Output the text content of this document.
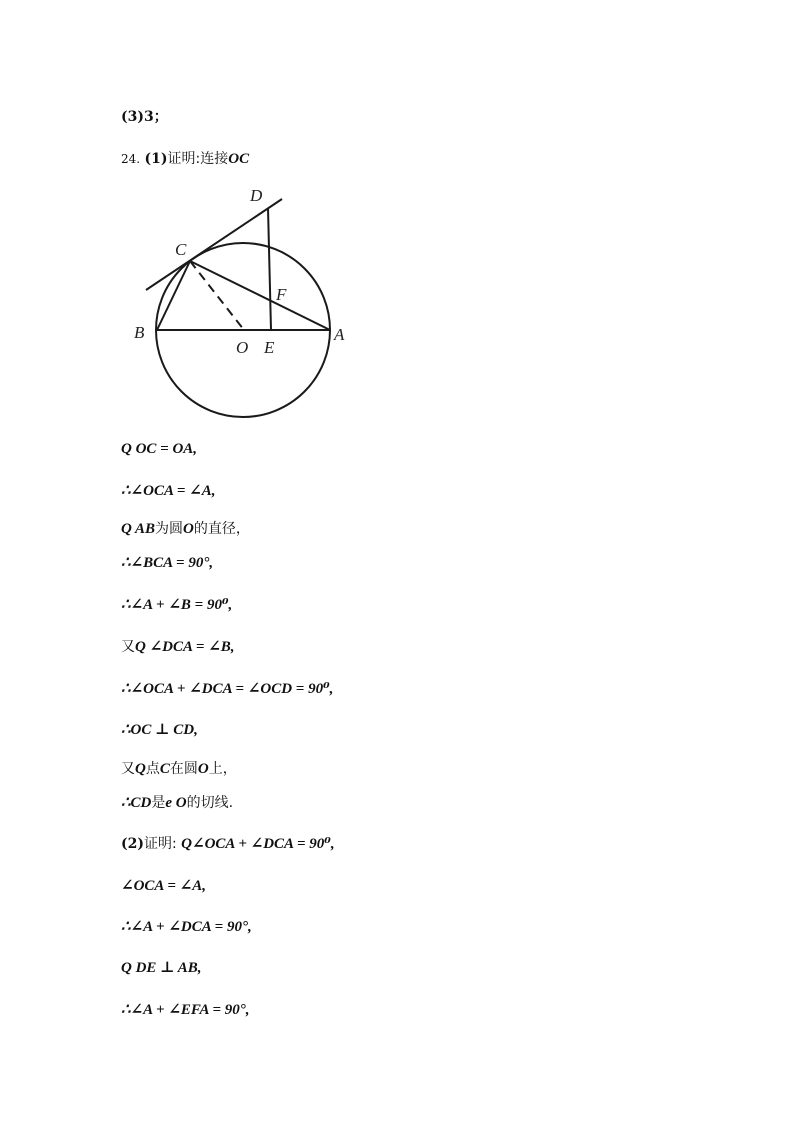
(3)3；
24. (1)证明:连接OC
D
C
F
B
O E
A
Q OC = OA,
∴∠OCA = ∠A,
Q AB为圆O的直径，
∴∠BCA = 90°,
∴∠A + ∠B = 90⁰,
又Q ∠DCA = ∠B,
∴∠OCA + ∠DCA = ∠OCD = 90⁰,
∴OC ⊥ CD,
又Q点C在圆O上，
∴CD是e O的切线.
(2)证明: Q∠OCA + ∠DCA = 90⁰,
∠OCA = ∠A,
∴∠A + ∠DCA = 90°,
Q DE ⊥ AB,
∴∠A + ∠EFA = 90°,
